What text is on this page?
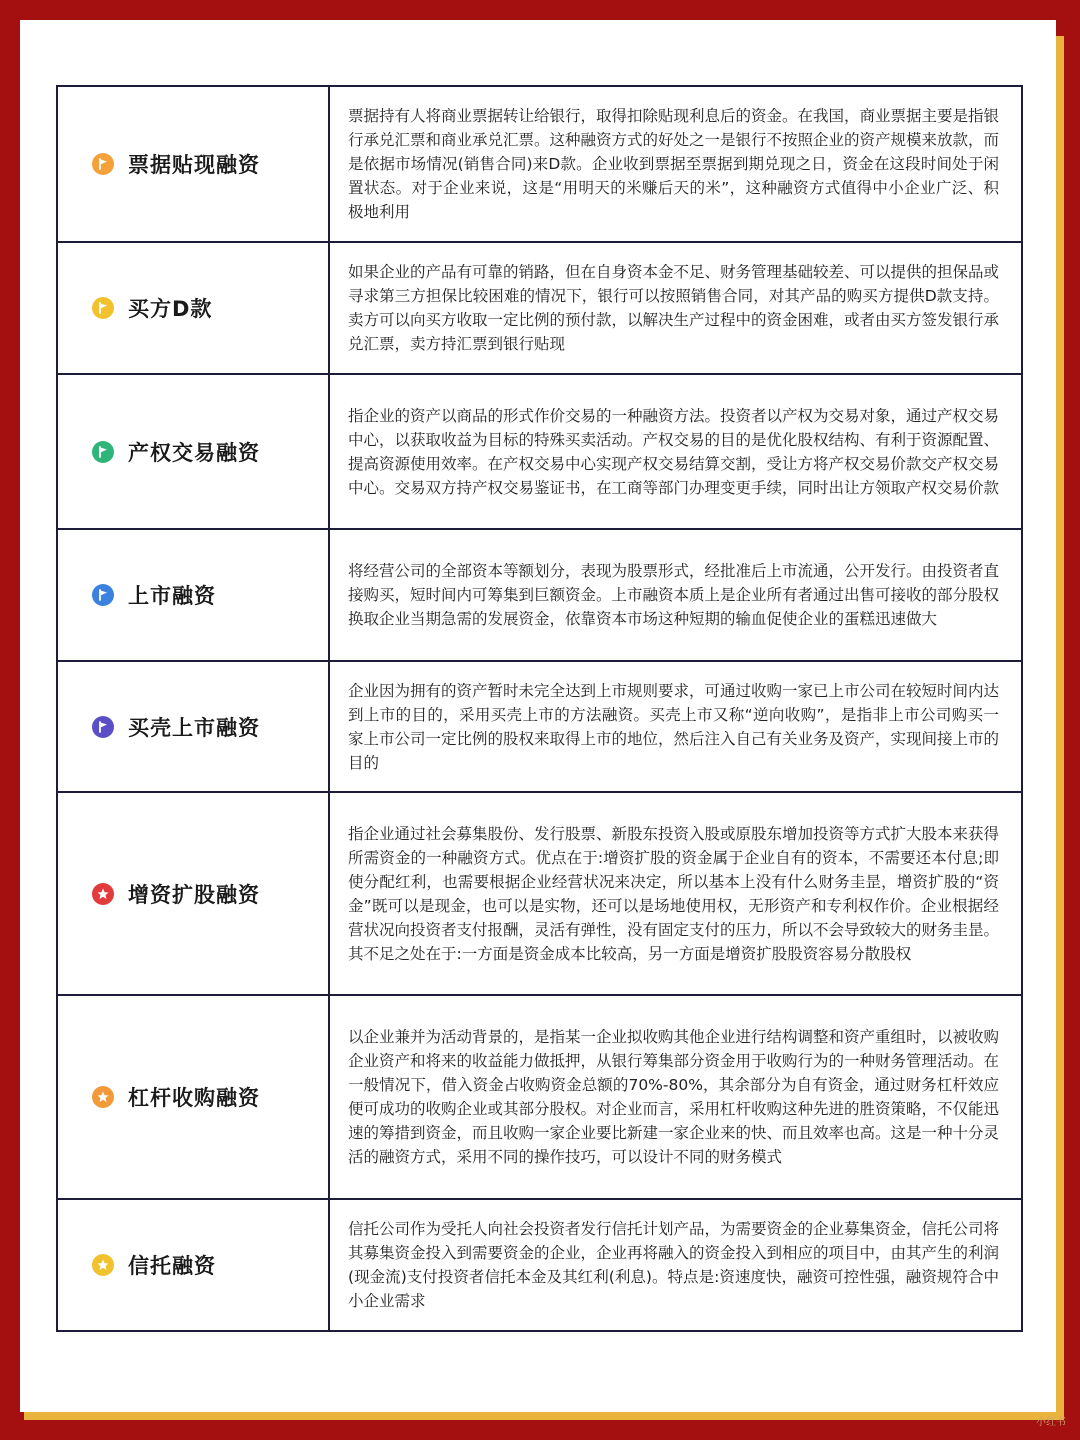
票据贴现融资
票据持有人将商业票据转让给银行，取得扣除贴现利息后的资金。在我国，商业票据主要是指银行承兑汇票和商业承兑汇票。这种融资方式的好处之一是银行不按照企业的资产规模来放款，而是依据市场情况(销售合同)来D款。企业收到票据至票据到期兑现之日，资金在这段时间处于闲置状态。对于企业来说，这是“用明天的米赚后天的米”，这种融资方式值得中小企业广泛、积极地利用
买方D款
如果企业的产品有可靠的销路，但在自身资本金不足、财务管理基础较差、可以提供的担保品或寻求第三方担保比较困难的情况下，银行可以按照销售合同，对其产品的购买方提供D款支持。卖方可以向买方收取一定比例的预付款，以解决生产过程中的资金困难，或者由买方签发银行承兑汇票，卖方持汇票到银行贴现
产权交易融资
指企业的资产以商品的形式作价交易的一种融资方法。投资者以产权为交易对象，通过产权交易中心，以获取收益为目标的特殊买卖活动。产权交易的目的是优化股权结构、有利于资源配置、提高资源使用效率。在产权交易中心实现产权交易结算交割，受让方将产权交易价款交产权交易中心。交易双方持产权交易鉴证书，在工商等部门办理变更手续，同时出让方领取产权交易价款
上市融资
将经营公司的全部资本等额划分，表现为股票形式，经批准后上市流通，公开发行。由投资者直接购买，短时间内可筹集到巨额资金。上市融资本质上是企业所有者通过出售可接收的部分股权换取企业当期急需的发展资金，依靠资本市场这种短期的输血促使企业的蛋糕迅速做大
买壳上市融资
企业因为拥有的资产暂时未完全达到上市规则要求，可通过收购一家已上市公司在较短时间内达到上市的目的，采用买壳上市的方法融资。买壳上市又称“逆向收购”，是指非上市公司购买一家上市公司一定比例的股权来取得上市的地位，然后注入自己有关业务及资产，实现间接上市的目的
增资扩股融资
指企业通过社会募集股份、发行股票、新股东投资入股或原股东增加投资等方式扩大股本来获得所需资金的一种融资方式。优点在于:增资扩股的资金属于企业自有的资本，不需要还本付息;即使分配红利，也需要根据企业经营状况来决定，所以基本上没有什么财务圭昰，增资扩股的“资金”既可以是现金，也可以是实物，还可以是场地使用权，无形资产和专利权作价。企业根据经营状况向投资者支付报酬，灵活有弹性，没有固定支付的压力，所以不会导致较大的财务圭昰。其不足之处在于:一方面是资金成本比较高，另一方面是增资扩股股资容易分散股权
杠杆收购融资
以企业兼并为活动背景的，是指某一企业拟收购其他企业进行结构调整和资产重组时，以被收购企业资产和将来的收益能力做抵押，从银行筹集部分资金用于收购行为的一种财务管理活动。在一般情况下，借入资金占收购资金总额的70%-80%，其余部分为自有资金，通过财务杠杆效应便可成功的收购企业或其部分股权。对企业而言，采用杠杆收购这种先进的胜资策略，不仅能迅速的筹措到资金，而且收购一家企业要比新建一家企业来的快、而且效率也高。这是一种十分灵活的融资方式，采用不同的操作技巧，可以设计不同的财务模式
信托融资
信托公司作为受托人向社会投资者发行信托计划产品，为需要资金的企业募集资金，信托公司将其募集资金投入到需要资金的企业，企业再将融入的资金投入到相应的项目中，由其产生的利润(现金流)支付投资者信托本金及其红利(利息)。特点是:资速度快，融资可控性强，融资规符合中小企业需求
小红书
